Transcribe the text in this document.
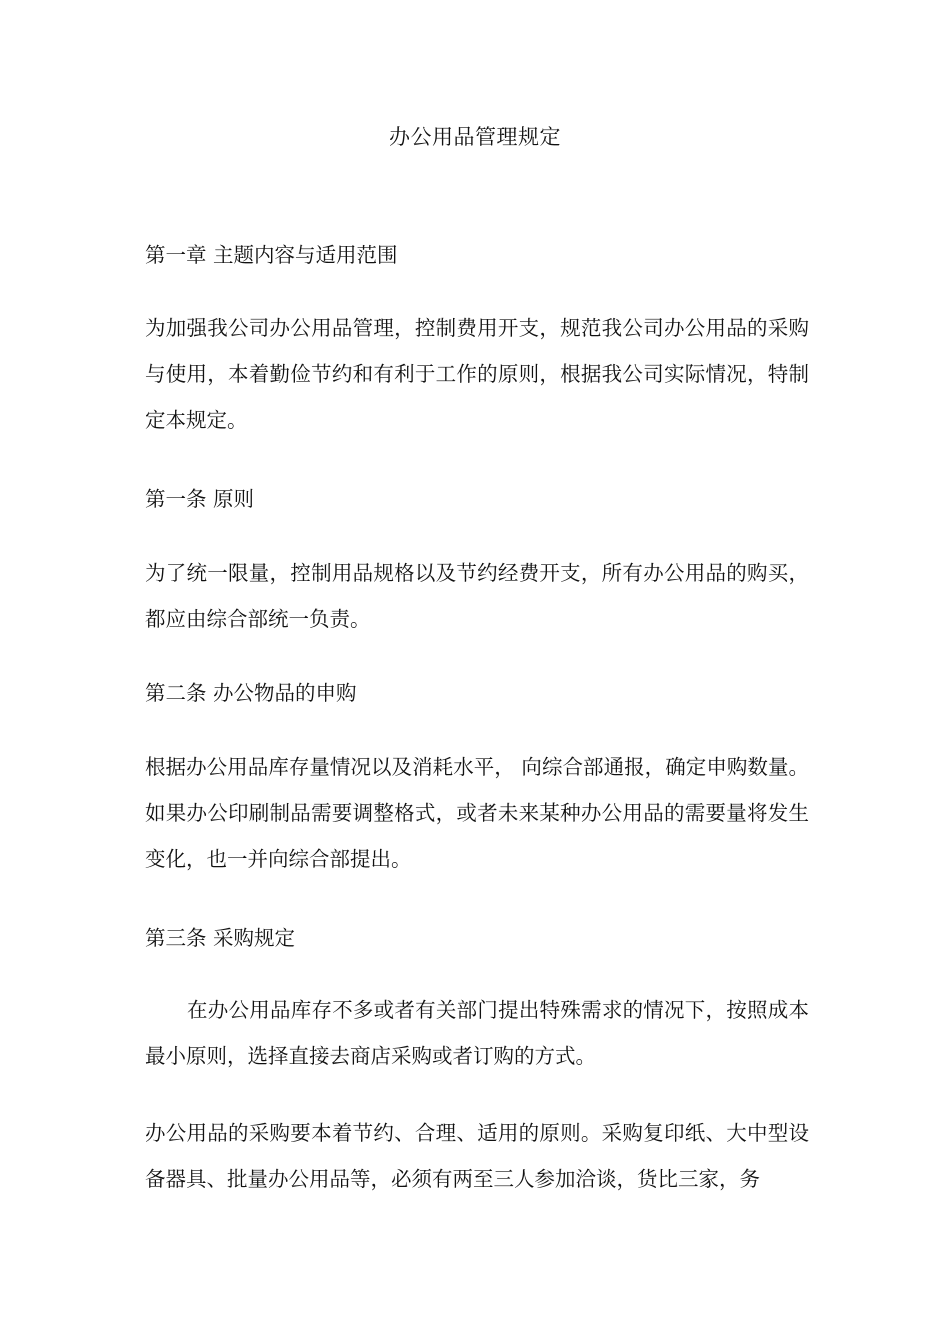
办公用品管理规定
第一章 主题内容与适用范围

为加强我公司办公用品管理，控制费用开支，规范我公司办公用品的采购与使用，本着勤俭节约和有利于工作的原则，根据我公司实际情况，特制定本规定。

第一条 原则

为了统一限量，控制用品规格以及节约经费开支，所有办公用品的购买，都应由综合部统一负责。

第二条 办公物品的申购

根据办公用品库存量情况以及消耗水平， 向综合部通报，确定申购数量。如果办公印刷制品需要调整格式，或者未来某种办公用品的需要量将发生变化，也一并向综合部提出。

第三条 采购规定

在办公用品库存不多或者有关部门提出特殊需求的情况下，按照成本最小原则，选择直接去商店采购或者订购的方式。

办公用品的采购要本着节约、合理、适用的原则。采购复印纸、大中型设备器具、批量办公用品等，必须有两至三人参加洽谈，货比三家，务
